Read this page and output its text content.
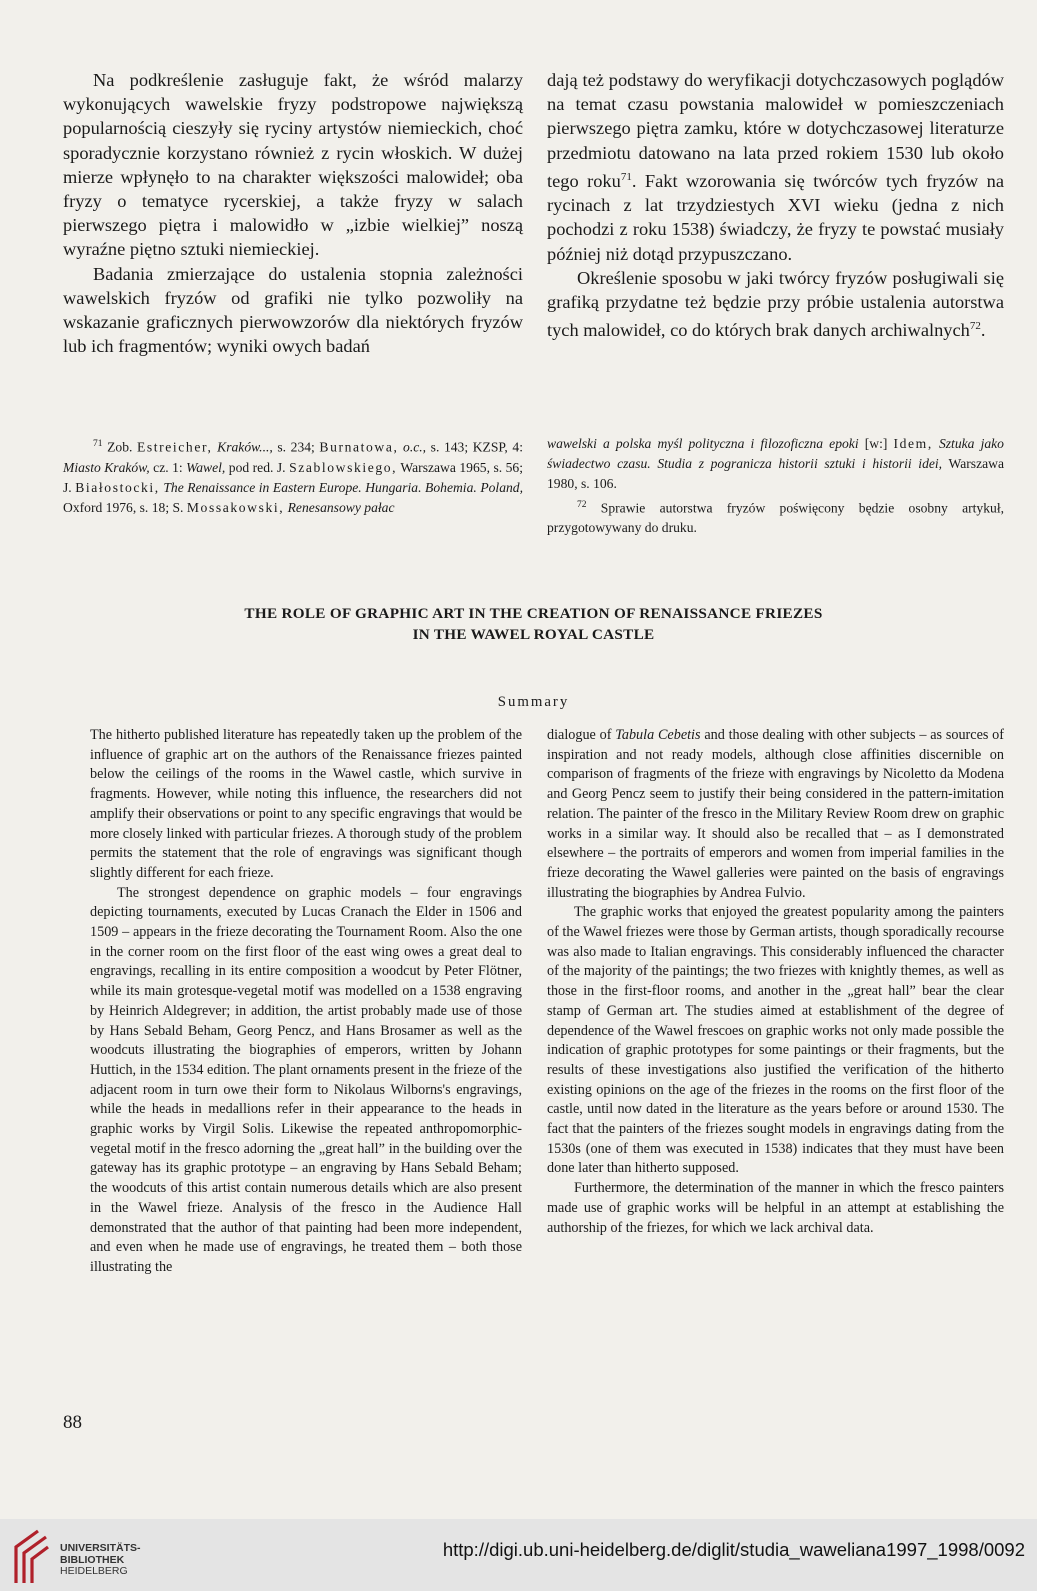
Na podkreślenie zasługuje fakt, że wśród malarzy wykonujących wawelskie fryzy podstropowe największą popularnością cieszyły się ryciny artystów niemieckich, choć sporadycznie korzystano również z rycin włoskich. W dużej mierze wpłynęło to na charakter większości malowideł; oba fryzy o tematyce rycerskiej, a także fryzy w salach pierwszego piętra i malowidło w „izbie wielkiej” noszą wyraźne piętno sztuki niemieckiej.

Badania zmierzające do ustalenia stopnia zależności wawelskich fryzów od grafiki nie tylko pozwoliły na wskazanie graficznych pierwowzorów dla niektórych fryzów lub ich fragmentów; wyniki owych badań

dają też podstawy do weryfikacji dotychczasowych poglądów na temat czasu powstania malowideł w pomieszczeniach pierwszego piętra zamku, które w dotychczasowej literaturze przedmiotu datowano na lata przed rokiem 1530 lub około tego roku$^{71}$. Fakt wzorowania się twórców tych fryzów na rycinach z lat trzydziestych XVI wieku (jedna z nich pochodzi z roku 1538) świadczy, że fryzy te powstać musiały później niż dotąd przypuszczano.

Określenie sposobu w jaki twórcy fryzów posługiwali się grafiką przydatne też będzie przy próbie ustalenia autorstwa tych malowideł, co do których brak danych archiwalnych$^{72}$.

$^{71}$ Zob. Estreicher, Kraków..., s. 234; Burnatowa, o.c., s. 143; KZSP, 4: Miasto Kraków, cz. 1: Wawel, pod red. J. Szablowskiego, Warszawa 1965, s. 56; J. Białostocki, The Renaissance in Eastern Europe. Hungaria. Bohemia. Poland, Oxford 1976, s. 18; S. Mossakowski, Renesansowy pałac

wawelski a polska myśl polityczna i filozoficzna epoki [w:] Idem, Sztuka jako świadectwo czasu. Studia z pogranicza historii sztuki i historii idei, Warszawa 1980, s. 106.

$^{72}$ Sprawie autorstwa fryzów poświęcony będzie osobny artykuł, przygotowywany do druku.

THE ROLE OF GRAPHIC ART IN THE CREATION OF RENAISSANCE FRIEZES
IN THE WAWEL ROYAL CASTLE
Summary

The hitherto published literature has repeatedly taken up the problem of the influence of graphic art on the authors of the Renaissance friezes painted below the ceilings of the rooms in the Wawel castle, which survive in fragments. However, while noting this influence, the researchers did not amplify their observations or point to any specific engravings that would be more closely linked with particular friezes. A thorough study of the problem permits the statement that the role of engravings was significant though slightly different for each frieze.

The strongest dependence on graphic models – four engravings depicting tournaments, executed by Lucas Cranach the Elder in 1506 and 1509 – appears in the frieze decorating the Tournament Room. Also the one in the corner room on the first floor of the east wing owes a great deal to engravings, recalling in its entire composition a woodcut by Peter Flötner, while its main grotesque-vegetal motif was modelled on a 1538 engraving by Heinrich Aldegrever; in addition, the artist probably made use of those by Hans Sebald Beham, Georg Pencz, and Hans Brosamer as well as the woodcuts illustrating the biographies of emperors, written by Johann Huttich, in the 1534 edition. The plant ornaments present in the frieze of the adjacent room in turn owe their form to Nikolaus Wilborns's engravings, while the heads in medallions refer in their appearance to the heads in graphic works by Virgil Solis. Likewise the repeated anthropomorphic-vegetal motif in the fresco adorning the „great hall” in the building over the gateway has its graphic prototype – an engraving by Hans Sebald Beham; the woodcuts of this artist contain numerous details which are also present in the Wawel frieze. Analysis of the fresco in the Audience Hall demonstrated that the author of that painting had been more independent, and even when he made use of engravings, he treated them – both those illustrating the

dialogue of Tabula Cebetis and those dealing with other subjects – as sources of inspiration and not ready models, although close affinities discernible on comparison of fragments of the frieze with engravings by Nicoletto da Modena and Georg Pencz seem to justify their being considered in the pattern-imitation relation. The painter of the fresco in the Military Review Room drew on graphic works in a similar way. It should also be recalled that – as I demonstrated elsewhere – the portraits of emperors and women from imperial families in the frieze decorating the Wawel galleries were painted on the basis of engravings illustrating the biographies by Andrea Fulvio.

The graphic works that enjoyed the greatest popularity among the painters of the Wawel friezes were those by German artists, though sporadically recourse was also made to Italian engravings. This considerably influenced the character of the majority of the paintings; the two friezes with knightly themes, as well as those in the first-floor rooms, and another in the „great hall” bear the clear stamp of German art. The studies aimed at establishment of the degree of dependence of the Wawel frescoes on graphic works not only made possible the indication of graphic prototypes for some paintings or their fragments, but the results of these investigations also justified the verification of the hitherto existing opinions on the age of the friezes in the rooms on the first floor of the castle, until now dated in the literature as the years before or around 1530. The fact that the painters of the friezes sought models in engravings dating from the 1530s (one of them was executed in 1538) indicates that they must have been done later than hitherto supposed.

Furthermore, the determination of the manner in which the fresco painters made use of graphic works will be helpful in an attempt at establishing the authorship of the friezes, for which we lack archival data.

88
UNIVERSITÄTS-
BIBLIOTHEK
HEIDELBERG
http://digi.ub.uni-heidelberg.de/diglit/studia_waweliana1997_1998/0092
